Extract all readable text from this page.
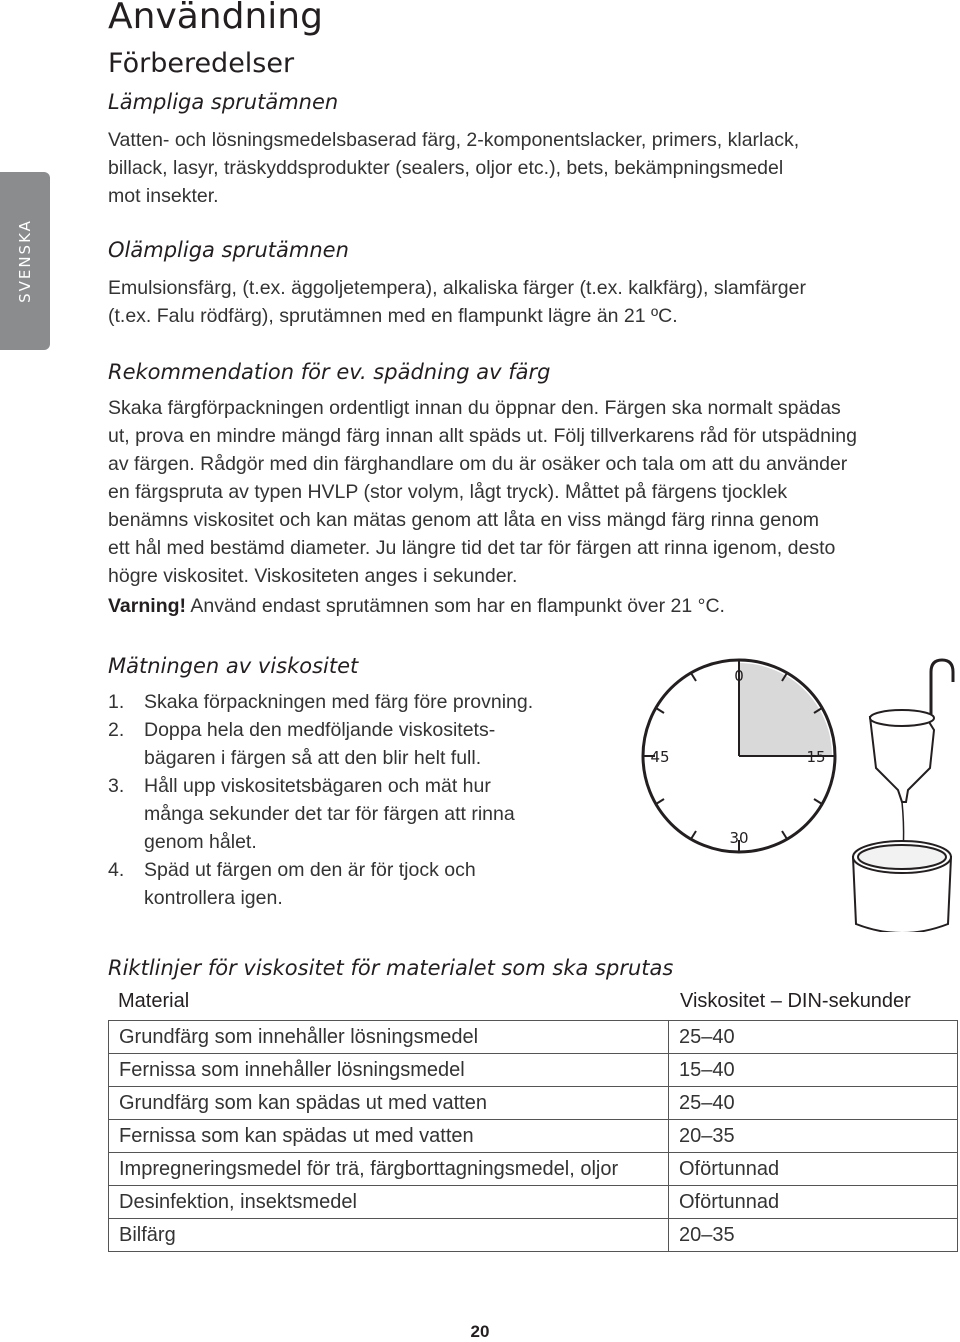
SVENSKA
Användning
Förberedelser
Lämpliga sprutämnen

Vatten- och lösningsmedelsbaserad färg, 2-komponentslacker, primers, klarlack,
billack, lasyr, träskyddsprodukter (sealers, oljor etc.), bets, bekämpningsmedel
mot insekter.

Olämpliga sprutämnen

Emulsionsfärg, (t.ex. äggoljetempera), alkaliska färger (t.ex. kalkfärg), slamfärger
(t.ex. Falu rödfärg), sprutämnen med en flampunkt lägre än 21 ºC.

Rekommendation för ev. spädning av färg

Skaka färgförpackningen ordentligt innan du öppnar den. Färgen ska normalt spädas
ut, prova en mindre mängd färg innan allt späds ut. Följ tillverkarens råd för utspädning
av färgen. Rådgör med din färghandlare om du är osäker och tala om att du använder
en färgspruta av typen HVLP (stor volym, lågt tryck). Måttet på färgens tjocklek
benämns viskositet och kan mätas genom att låta en viss mängd färg rinna genom
ett hål med bestämd diameter. Ju längre tid det tar för färgen att rinna igenom, desto
högre viskositet. Viskositeten anges i sekunder.

Varning! Använd endast sprutämnen som har en flampunkt över 21 °C.

Mätningen av viskositet
1. Skaka förpackningen med färg före provning.
2. Doppa hela den medföljande viskositets-
bägaren i färgen så att den blir helt full.
3. Håll upp viskositetsbägaren och mät hur
många sekunder det tar för färgen att rinna
genom hålet.
4. Späd ut färgen om den är för tjock och
kontrollera igen.
0
15
30
45
Riktlinjer för viskositet för materialet som ska sprutas
Material	Viskositet – DIN-sekunder
Grundfärg som innehåller lösningsmedel	25–40
Fernissa som innehåller lösningsmedel	15–40
Grundfärg som kan spädas ut med vatten	25–40
Fernissa som kan spädas ut med vatten	20–35
Impregneringsmedel för trä, färgborttagningsmedel, oljor	Oförtunnad
Desinfektion, insektsmedel	Oförtunnad
Bilfärg	20–35
20
